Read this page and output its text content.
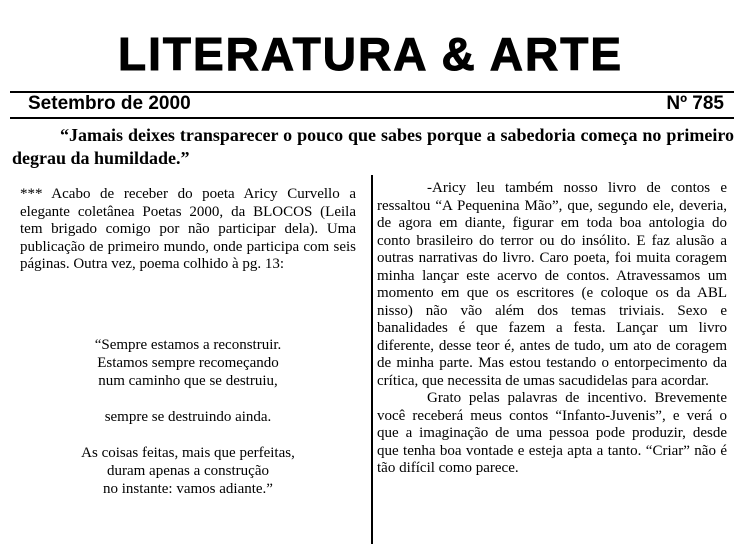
LITERATURA & ARTE
Setembro de 2000	Nº 785
“Jamais deixes transparecer o pouco que sabes porque a sabedoria começa no primeiro degrau da humildade.”

*** Acabo de receber do poeta Aricy Curvello a elegante coletânea Poetas 2000, da BLOCOS (Leila tem brigado comigo por não participar dela). Uma publicação de primeiro mundo, onde participa com seis páginas. Outra vez, poema colhido à pg. 13:

“Sempre estamos a reconstruir.
Estamos sempre recomeçando
num caminho que se destruiu,
sempre se destruindo ainda.
As coisas feitas, mais que perfeitas,
duram apenas a construção
no instante: vamos adiante.”

-Aricy leu também nosso livro de contos e ressaltou “A Pequenina Mão”, que, segundo ele, deveria, de agora em diante, figurar em toda boa antologia do conto brasileiro do terror ou do insólito. E faz alusão a outras narrativas do livro. Caro poeta, foi muita coragem minha lançar este acervo de contos. Atravessamos um momento em que os escritores (e coloque os da ABL nisso) não vão além dos temas triviais. Sexo e banalidades é que fazem a festa. Lançar um livro diferente, desse teor é, antes de tudo, um ato de coragem de minha parte. Mas estou testando o entorpecimento da crítica, que necessita de umas sacudidelas para acordar.

Grato pelas palavras de incentivo. Brevemente você receberá meus contos “Infanto-Juvenis”, e verá o que a imaginação de uma pessoa pode produzir, desde que tenha boa vontade e esteja apta a tanto. “Criar” não é tão difícil como parece.
